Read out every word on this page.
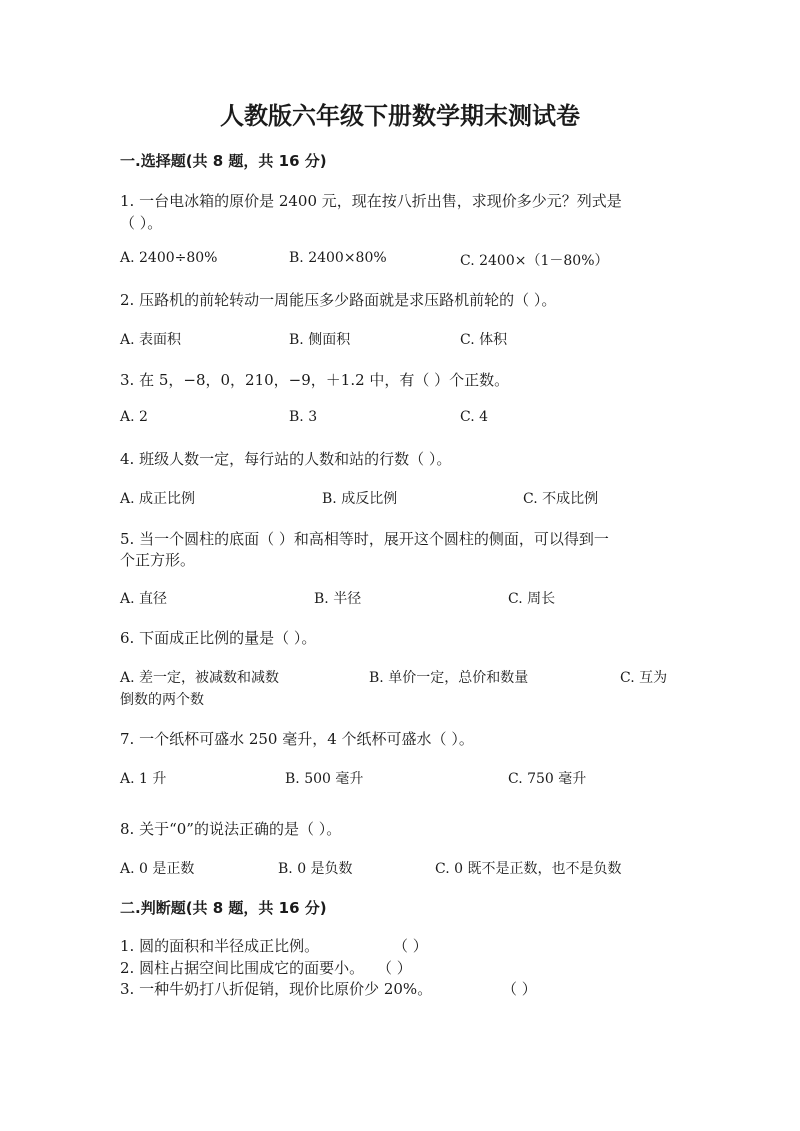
人教版六年级下册数学期末测试卷
一.选择题(共 8 题，共 16 分)
1. 一台电冰箱的原价是 2400 元，现在按八折出售，求现价多少元？列式是
（ ）。
A. 2400÷80%	B. 2400×80%	C. 2400×（1－80%）
2. 压路机的前轮转动一周能压多少路面就是求压路机前轮的（ ）。
A. 表面积	B. 侧面积	C. 体积
3. 在 5，−8，0，210，−9，＋1.2 中，有（ ）个正数。
A. 2	B. 3	C. 4
4. 班级人数一定，每行站的人数和站的行数（ ）。
A. 成正比例	B. 成反比例	C. 不成比例
5. 当一个圆柱的底面（ ）和高相等时，展开这个圆柱的侧面，可以得到一
个正方形。
A. 直径	B. 半径	C. 周长
6. 下面成正比例的量是（ ）。
A. 差一定，被减数和减数	B. 单价一定，总价和数量	C. 互为
倒数的两个数
7. 一个纸杯可盛水 250 毫升，4 个纸杯可盛水（ ）。
A. 1 升	B. 500 毫升	C. 750 毫升
8. 关于“0”的说法正确的是（ ）。
A. 0 是正数	B. 0 是负数	C. 0 既不是正数，也不是负数
二.判断题(共 8 题，共 16 分)
1. 圆的面积和半径成正比例。	（ ）
2. 圆柱占据空间比围成它的面要小。 （ ）
3. 一种牛奶打八折促销，现价比原价少 20%。	（ ）
